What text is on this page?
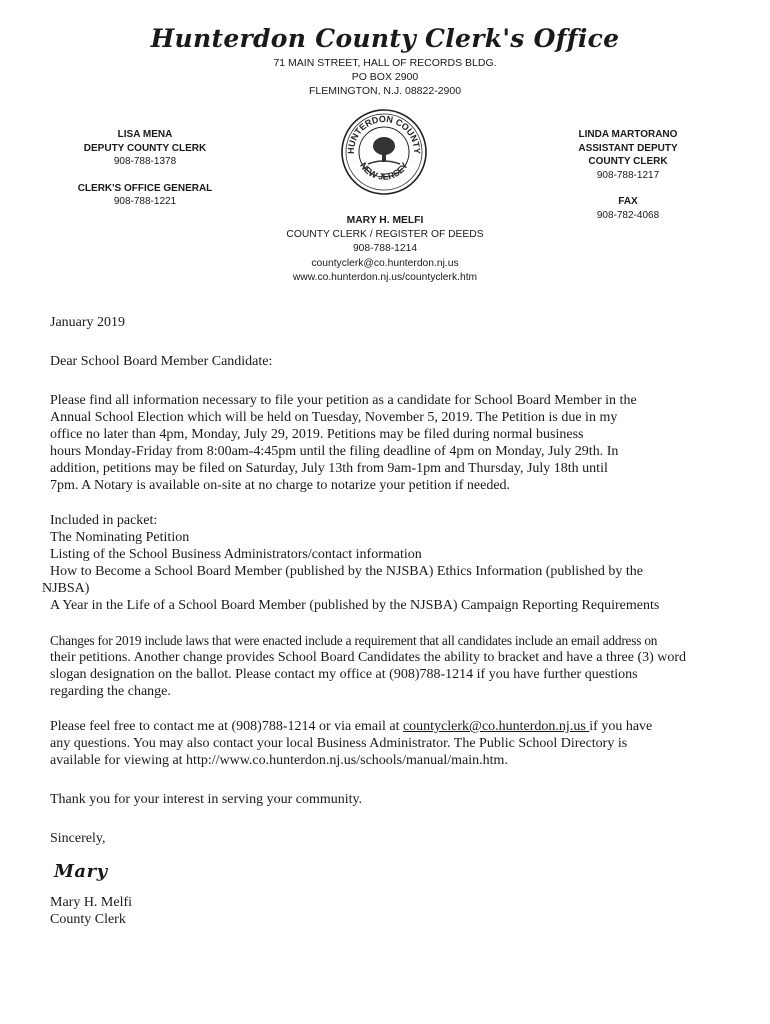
Hunterdon County Clerk's Office
71 MAIN STREET, HALL OF RECORDS BLDG.
PO BOX 2900
FLEMINGTON, N.J. 08822-2900
LISA MENA
DEPUTY COUNTY CLERK
908-788-1378
CLERK'S OFFICE GENERAL
908-788-1221
HUNTERDON COUNTY
NEW JERSEY
LINDA MARTORANO
ASSISTANT DEPUTY
COUNTY CLERK
908-788-1217
FAX
908-782-4068
MARY H. MELFI
COUNTY CLERK / REGISTER OF DEEDS
908-788-1214
countyclerk@co.hunterdon.nj.us
www.co.hunterdon.nj.us/countyclerk.htm

January 2019

Dear School Board Member Candidate:

Please find all information necessary to file your petition as a candidate for School Board Member in the

Annual School Election which will be held on Tuesday, November 5, 2019. The Petition is due in my

office no later than 4pm, Monday, July 29, 2019. Petitions may be filed during normal business

hours Monday-Friday from 8:00am-4:45pm until the filing deadline of 4pm on Monday, July 29th. In

addition, petitions may be filed on Saturday, July 13th from 9am-1pm and Thursday, July 18th until

7pm. A Notary is available on-site at no charge to notarize your petition if needed.

Included in packet:

The Nominating Petition

Listing of the School Business Administrators/contact information

How to Become a School Board Member (published by the NJSBA) Ethics Information (published by the

NJBSA)

A Year in the Life of a School Board Member (published by the NJSBA) Campaign Reporting Requirements

Changes for 2019 include laws that were enacted include a requirement that all candidates include an email address on

their petitions. Another change provides School Board Candidates the ability to bracket and have a three (3) word

slogan designation on the ballot. Please contact my office at (908)788-1214 if you have further questions

regarding the change.

Please feel free to contact me at (908)788-1214 or via email at countyclerk@co.hunterdon.nj.us if you have

any questions. You may also contact your local Business Administrator. The Public School Directory is

available for viewing at http://www.co.hunterdon.nj.us/schools/manual/main.htm.

Thank you for your interest in serving your community.

Sincerely,

Mary

Mary H. Melfi

County Clerk
